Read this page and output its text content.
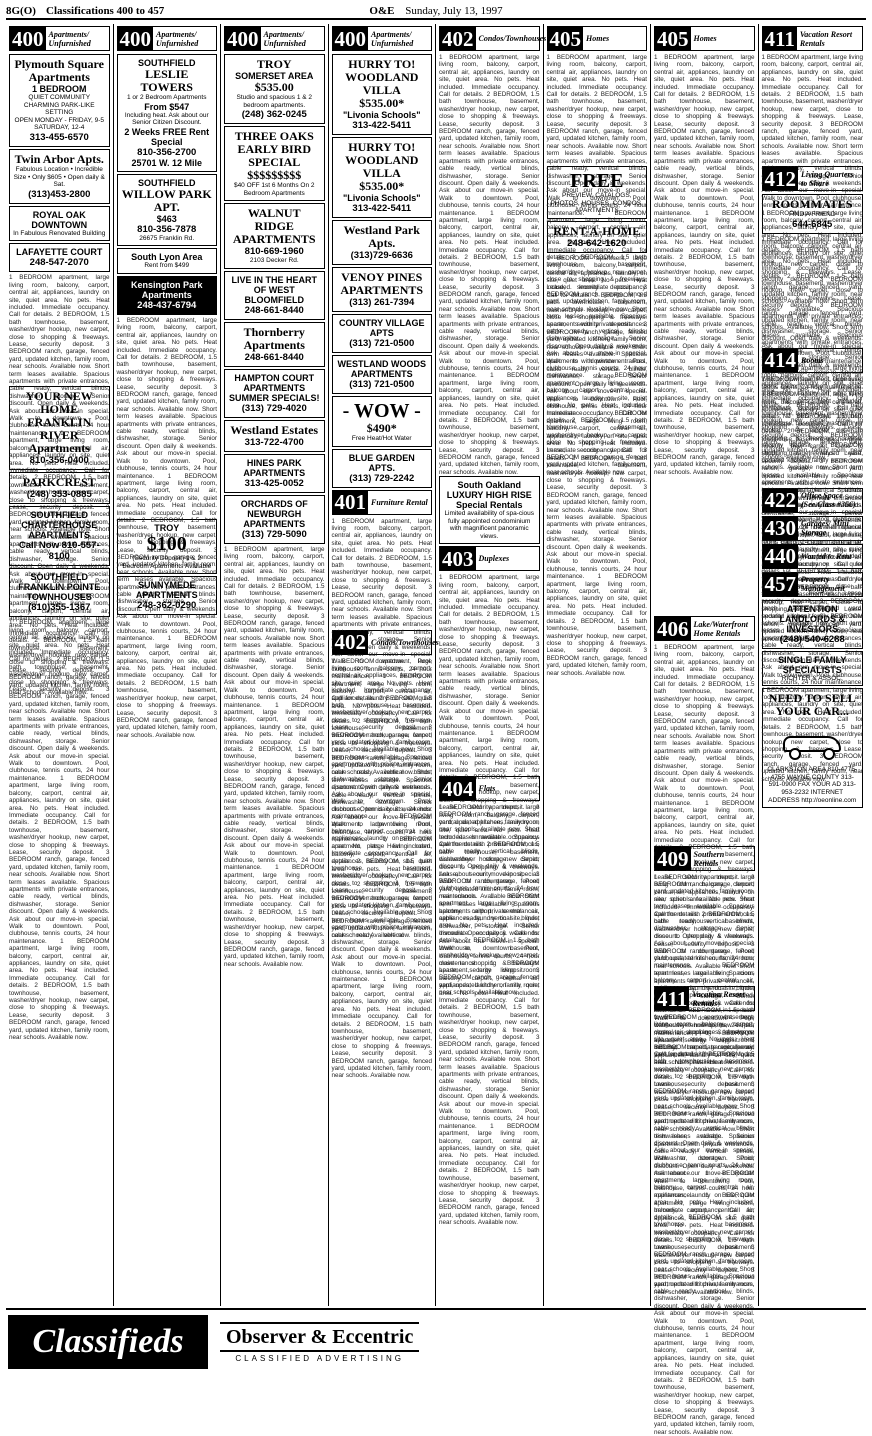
8G(O) Classifications 400 to 457	O&E Sunday, July 13, 1997
400 Apartments/ Unfurnished
Plymouth Square Apartments
1 BEDROOM
QUIET COMMUNITY CHARMING PARK-LIKE SETTING
OPEN MONDAY - FRIDAY, 9-5 SATURDAY, 12-4
313-455-6570
Twin Arbor Apts.
Fabulous Location • Incredible Size • Only $605 • Open daily & Sat.
(313)453-2800
ROYAL OAK DOWNTOWN
In Fabulous Renovated Building
LAFAYETTE COURT
248-547-2070
1 BEDROOM apartment, large living room, balcony, carport, central air, appliances, laundry on site, quiet area. No pets. Heat included. Immediate occupancy. Call for details. 2 BEDROOM, 1.5 bath townhouse, basement, washer/dryer hookup, new carpet, close to shopping & freeways. Lease, security deposit. 3 BEDROOM ranch, garage, fenced yard, updated kitchen, family room, near schools. Available now. Short term leases available. Spacious apartments with private entrances, cable ready, vertical blinds, dishwasher, storage. Senior discount. Open daily & weekends. Ask about our move-in special. Walk to downtown. Pool, clubhouse, tennis courts, 24 hour maintenance. 1 BEDROOM apartment, large living room, balcony, carport, central air, appliances, laundry on site, quiet area. No pets. Heat included. Immediate occupancy. Call for details. 2 BEDROOM, 1.5 bath townhouse, basement, washer/dryer hookup, new carpet, close to shopping & freeways. Lease, security deposit. 3 BEDROOM ranch, garage, fenced yard, updated kitchen, family room, near schools. Available now. Short term leases available. Spacious apartments with private entrances, cable ready, vertical blinds, dishwasher, storage. Senior discount. Open daily & weekends. Ask about our move-in special. Walk to downtown. Pool, clubhouse, tennis courts, 24 hour maintenance. 1 BEDROOM apartment, large living room, balcony, carport, central air, appliances, laundry on site, quiet area. No pets. Heat included. Immediate occupancy. Call for details. 2 BEDROOM, 1.5 bath townhouse, basement, washer/dryer hookup, new carpet, close to shopping & freeways. Lease, security deposit. 3 BEDROOM ranch, garage, fenced yard, updated kitchen, family room, near schools. Available now.
YOUR NEW HOME FRANKLIN RIVER Apartments
810-356-0400
PARKCREST
(248) 353-0885
SOUTHFIELD CHARTERHOUSE APARTMENTS
Call Now 810-557-8100
SOUTHFIELD FRANKLIN POINTE TOWNHOUSES
(810)355-1367
1 BEDROOM apartment, large living room, balcony, carport, central air, appliances, laundry on site, quiet area. No pets. Heat included. Immediate occupancy. Call for details. 2 BEDROOM, 1.5 bath townhouse, basement, washer/dryer hookup, new carpet, close to shopping & freeways. Lease, security deposit. 3 BEDROOM ranch, garage, fenced yard, updated kitchen, family room, near schools. Available now. Short term leases available. Spacious apartments with private entrances, cable ready, vertical blinds, dishwasher, storage. Senior discount. Open daily & weekends. Ask about our move-in special. Walk to downtown. Pool, clubhouse, tennis courts, 24 hour maintenance. 1 BEDROOM apartment, large living room, balcony, carport, central air, appliances, laundry on site, quiet area. No pets. Heat included. Immediate occupancy. Call for details. 2 BEDROOM, 1.5 bath townhouse, basement, washer/dryer hookup, new carpet, close to shopping & freeways. Lease, security deposit. 3 BEDROOM ranch, garage, fenced yard, updated kitchen, family room, near schools. Available now. Short term leases available. Spacious apartments with private entrances, cable ready, vertical blinds, dishwasher, storage. Senior discount. Open daily & weekends. Ask about our move-in special. Walk to downtown. Pool, clubhouse, tennis courts, 24 hour maintenance. 1 BEDROOM apartment, large living room, balcony, carport, central air, appliances, laundry on site, quiet area. No pets. Heat included. Immediate occupancy. Call for details. 2 BEDROOM, 1.5 bath townhouse, basement, washer/dryer hookup, new carpet, close to shopping & freeways. Lease, security deposit. 3 BEDROOM ranch, garage, fenced yard, updated kitchen, family room, near schools. Available now.
400 Apartments/ Unfurnished
SOUTHFIELD
LESLIE TOWERS
1 or 2 Bedroom Apartments
From $547
Including heat. Ask about our Senior Citizen Discount.
2 Weeks FREE Rent Special
810-356-2700
25701 W. 12 Mile
SOUTHFIELD
WILLOW PARK APT.
$463
810-356-7878
26675 Franklin Rd.
South Lyon Area
Rent from $499
Kensington Park Apartments
248-437-6794
1 BEDROOM apartment, large living room, balcony, carport, central air, appliances, laundry on site, quiet area. No pets. Heat included. Immediate occupancy. Call for details. 2 BEDROOM, 1.5 bath townhouse, basement, washer/dryer hookup, new carpet, close to shopping & freeways. Lease, security deposit. 3 BEDROOM ranch, garage, fenced yard, updated kitchen, family room, near schools. Available now. Short term leases available. Spacious apartments with private entrances, cable ready, vertical blinds, dishwasher, storage. Senior discount. Open daily & weekends. Ask about our move-in special. Walk to downtown. Pool, clubhouse, tennis courts, 24 hour maintenance. 1 BEDROOM apartment, large living room, balcony, carport, central air, appliances, laundry on site, quiet area. No pets. Heat included. Immediate occupancy. Call for details. 2 BEDROOM, 1.5 bath townhouse, basement, washer/dryer hookup, new carpet, close to shopping & freeways. Lease, security deposit. 3 BEDROOM ranch, garage, fenced yard, updated kitchen, family room, near schools. Available now. Short term leases available. Spacious apartments with private entrances, cable ready, vertical blinds, dishwasher, storage. Senior discount. Open daily & weekends. Ask about our move-in special. Walk to downtown. Pool, clubhouse, tennis courts, 24 hour maintenance. 1 BEDROOM apartment, large living room, balcony, carport, central air, appliances, laundry on site, quiet area. No pets. Heat included. Immediate occupancy. Call for details. 2 BEDROOM, 1.5 bath townhouse, basement, washer/dryer hookup, new carpet, close to shopping & freeways. Lease, security deposit. 3 BEDROOM ranch, garage, fenced yard, updated kitchen, family room, near schools. Available now.
TROY
$100
(Security Deposit) 1 & 2 Bedroom Apartments Available
SUNNYMEDE APARTMENTS
248-362-0290
400 Apartments/ Unfurnished
TROY
SOMERSET AREA
$535.00
Studio and spacious 1 & 2 bedroom apartments.
(248) 362-0245
THREE OAKS
EARLY BIRD SPECIAL
$$$$$$$$$
$40 OFF 1st 6 Months On 2 Bedroom Apartments
WALNUT RIDGE APARTMENTS
810-669-1960
2103 Decker Rd.
LIVE IN THE HEART OF WEST BLOOMFIELD
248-661-8440
Thornberry Apartments
248-661-8440
HAMPTON COURT APARTMENTS
SUMMER SPECIALS!
(313) 729-4020
Westland Estates
313-722-4700
HINES PARK APARTMENTS
313-425-0052
ORCHARDS OF NEWBURGH APARTMENTS
(313) 729-5090
1 BEDROOM apartment, large living room, balcony, carport, central air, appliances, laundry on site, quiet area. No pets. Heat included. Immediate occupancy. Call for details. 2 BEDROOM, 1.5 bath townhouse, basement, washer/dryer hookup, new carpet, close to shopping & freeways. Lease, security deposit. 3 BEDROOM ranch, garage, fenced yard, updated kitchen, family room, near schools. Available now. Short term leases available. Spacious apartments with private entrances, cable ready, vertical blinds, dishwasher, storage. Senior discount. Open daily & weekends. Ask about our move-in special. Walk to downtown. Pool, clubhouse, tennis courts, 24 hour maintenance. 1 BEDROOM apartment, large living room, balcony, carport, central air, appliances, laundry on site, quiet area. No pets. Heat included. Immediate occupancy. Call for details. 2 BEDROOM, 1.5 bath townhouse, basement, washer/dryer hookup, new carpet, close to shopping & freeways. Lease, security deposit. 3 BEDROOM ranch, garage, fenced yard, updated kitchen, family room, near schools. Available now. Short term leases available. Spacious apartments with private entrances, cable ready, vertical blinds, dishwasher, storage. Senior discount. Open daily & weekends. Ask about our move-in special. Walk to downtown. Pool, clubhouse, tennis courts, 24 hour maintenance. 1 BEDROOM apartment, large living room, balcony, carport, central air, appliances, laundry on site, quiet area. No pets. Heat included. Immediate occupancy. Call for details. 2 BEDROOM, 1.5 bath townhouse, basement, washer/dryer hookup, new carpet, close to shopping & freeways. Lease, security deposit. 3 BEDROOM ranch, garage, fenced yard, updated kitchen, family room, near schools. Available now.
400 Apartments/ Unfurnished
HURRY TO! WOODLAND VILLA
$535.00*
"Livonia Schools"
313-422-5411
HURRY TO! WOODLAND VILLA
$535.00*
"Livonia Schools"
313-422-5411
Westland Park Apts.
(313)729-6636
VENOY PINES APARTMENTS
(313) 261-7394
COUNTRY VILLAGE APTS
(313) 721-0500
WESTLAND WOODS APARTMENTS
(313) 721-0500
- WOW -
$490*
Free Heat/Hot Water
BLUE GARDEN APTS.
(313) 729-2242
401 Furniture Rental
1 BEDROOM apartment, large living room, balcony, carport, central air, appliances, laundry on site, quiet area. No pets. Heat included. Immediate occupancy. Call for details. 2 BEDROOM, 1.5 bath townhouse, basement, washer/dryer hookup, new carpet, close to shopping & freeways. Lease, security deposit. 3 BEDROOM ranch, garage, fenced yard, updated kitchen, family room, near schools. Available now. Short term leases available. Spacious apartments with private entrances, cable ready, vertical blinds, dishwasher, storage. Senior discount. Open daily & weekends. Ask about our move-in special. Walk to downtown. Pool, clubhouse, tennis courts, 24 hour maintenance. 1 BEDROOM apartment, large living room, balcony, carport, central air, appliances, laundry on site, quiet area. No pets. Heat included. Immediate occupancy. Call for details. 2 BEDROOM, 1.5 bath townhouse, basement, washer/dryer hookup, new carpet, close to shopping & freeways. Lease, security deposit. 3 BEDROOM ranch, garage, fenced yard, updated kitchen, family room, near schools. Available now. Short term leases available. Spacious apartments with private entrances, cable ready, vertical blinds, dishwasher, storage. Senior discount. Open daily & weekends. Ask about our move-in special. Walk to downtown. Pool, clubhouse, tennis courts, 24 hour maintenance. 1 BEDROOM apartment, large living room, balcony, carport, central air, appliances, laundry on site, quiet area. No pets. Heat included. Immediate occupancy. Call for details. 2 BEDROOM, 1.5 bath townhouse, basement, washer/dryer hookup, new carpet, close to shopping & freeways. Lease, security deposit. 3 BEDROOM ranch, garage, fenced yard, updated kitchen, family room, near schools. Available now.
402 Condos/Townhouses
1 BEDROOM apartment, large living room, balcony, carport, central air, appliances, laundry on site, quiet area. No pets. Heat included. Immediate occupancy. Call for details. 2 BEDROOM, 1.5 bath townhouse, basement, washer/dryer hookup, new carpet, close to shopping & freeways. Lease, security deposit. 3 BEDROOM ranch, garage, fenced yard, updated kitchen, family room, near schools. Available now. Short term leases available. Spacious apartments with private entrances, cable ready, vertical blinds, dishwasher, storage. Senior discount. Open daily & weekends. Ask about our move-in special. Walk to downtown. Pool, clubhouse, tennis courts, 24 hour maintenance. 1 BEDROOM apartment, large living room, balcony, carport, central air, appliances, laundry on site, quiet area. No pets. Heat included. Immediate occupancy. Call for details. 2 BEDROOM, 1.5 bath townhouse, basement, washer/dryer hookup, new carpet, close to shopping & freeways. Lease, security deposit. 3 BEDROOM ranch, garage, fenced yard, updated kitchen, family room, near schools. Available now. Short term leases available. Spacious apartments with private entrances, cable ready, vertical blinds, dishwasher, storage. Senior discount. Open daily & weekends. Ask about our move-in special. Walk to downtown. Pool, clubhouse, tennis courts, 24 hour maintenance. 1 BEDROOM apartment, large living room, balcony, carport, central air, appliances, laundry on site, quiet area. No pets. Heat included. Immediate occupancy. Call for details. 2 BEDROOM, 1.5 bath townhouse, basement, washer/dryer hookup, new carpet, close to shopping & freeways. Lease, security deposit. 3 BEDROOM ranch, garage, fenced yard, updated kitchen, family room, near schools. Available now.
402 Condos/Townhouses
1 BEDROOM apartment, large living room, balcony, carport, central air, appliances, laundry on site, quiet area. No pets. Heat included. Immediate occupancy. Call for details. 2 BEDROOM, 1.5 bath townhouse, basement, washer/dryer hookup, new carpet, close to shopping & freeways. Lease, security deposit. 3 BEDROOM ranch, garage, fenced yard, updated kitchen, family room, near schools. Available now. Short term leases available. Spacious apartments with private entrances, cable ready, vertical blinds, dishwasher, storage. Senior discount. Open daily & weekends. Ask about our move-in special. Walk to downtown. Pool, clubhouse, tennis courts, 24 hour maintenance. 1 BEDROOM apartment, large living room, balcony, carport, central air, appliances, laundry on site, quiet area. No pets. Heat included. Immediate occupancy. Call for details. 2 BEDROOM, 1.5 bath townhouse, basement, washer/dryer hookup, new carpet, close to shopping & freeways. Lease, security deposit. 3 BEDROOM ranch, garage, fenced yard, updated kitchen, family room, near schools. Available now. Short term leases available. Spacious apartments with private entrances, cable ready, vertical blinds, dishwasher, storage. Senior discount. Open daily & weekends. Ask about our move-in special. Walk to downtown. Pool, clubhouse, tennis courts, 24 hour maintenance. 1 BEDROOM apartment, large living room, balcony, carport, central air, appliances, laundry on site, quiet area. No pets. Heat included. Immediate occupancy. Call for details. 2 BEDROOM, 1.5 bath townhouse, basement, washer/dryer hookup, new carpet, close to shopping & freeways. Lease, security deposit. 3 BEDROOM ranch, garage, fenced yard, updated kitchen, family room, near schools. Available now.
South Oakland LUXURY HIGH RISE Special Rentals
Limited availability of spa-cious fully appointed condominium with magnificent panoramic views.
403 Duplexes
1 BEDROOM apartment, large living room, balcony, carport, central air, appliances, laundry on site, quiet area. No pets. Heat included. Immediate occupancy. Call for details. 2 BEDROOM, 1.5 bath townhouse, basement, washer/dryer hookup, new carpet, close to shopping & freeways. Lease, security deposit. 3 BEDROOM ranch, garage, fenced yard, updated kitchen, family room, near schools. Available now. Short term leases available. Spacious apartments with private entrances, cable ready, vertical blinds, dishwasher, storage. Senior discount. Open daily & weekends. Ask about our move-in special. Walk to downtown. Pool, clubhouse, tennis courts, 24 hour maintenance. 1 BEDROOM apartment, large living room, balcony, carport, central air, appliances, laundry on site, quiet area. No pets. Heat included. Immediate occupancy. Call for details. 2 BEDROOM, 1.5 bath townhouse, basement, washer/dryer hookup, new carpet, close to shopping & freeways. Lease, security deposit. 3 BEDROOM ranch, garage, fenced yard, updated kitchen, family room, near schools. Available now. Short term leases available. Spacious apartments with private entrances, cable ready, vertical blinds, dishwasher, storage. Senior discount. Open daily & weekends. Ask about our move-in special. Walk to downtown. Pool, clubhouse, tennis courts, 24 hour maintenance. 1 BEDROOM apartment, large living room, balcony, carport, central air, appliances, laundry on site, quiet area. No pets. Heat included. Immediate occupancy. Call for details. 2 BEDROOM, 1.5 bath townhouse, basement, washer/dryer hookup, new carpet, close to shopping & freeways. Lease, security deposit. 3 BEDROOM ranch, garage, fenced yard, updated kitchen, family room, near schools. Available now.
404 Flats
1 BEDROOM apartment, large living room, balcony, carport, central air, appliances, laundry on site, quiet area. No pets. Heat included. Immediate occupancy. Call for details. 2 BEDROOM, 1.5 bath townhouse, basement, washer/dryer hookup, new carpet, close to shopping & freeways. Lease, security deposit. 3 BEDROOM ranch, garage, fenced yard, updated kitchen, family room, near schools. Available now. Short term leases available. Spacious apartments with private entrances, cable ready, vertical blinds, dishwasher, storage. Senior discount. Open daily & weekends. Ask about our move-in special. Walk to downtown. Pool, clubhouse, tennis courts, 24 hour maintenance. 1 BEDROOM apartment, large living room, balcony, carport, central air, appliances, laundry on site, quiet area. No pets. Heat included. Immediate occupancy. Call for details. 2 BEDROOM, 1.5 bath townhouse, basement, washer/dryer hookup, new carpet, close to shopping & freeways. Lease, security deposit. 3 BEDROOM ranch, garage, fenced yard, updated kitchen, family room, near schools. Available now. Short term leases available. Spacious apartments with private entrances, cable ready, vertical blinds, dishwasher, storage. Senior discount. Open daily & weekends. Ask about our move-in special. Walk to downtown. Pool, clubhouse, tennis courts, 24 hour maintenance. 1 BEDROOM apartment, large living room, balcony, carport, central air, appliances, laundry on site, quiet area. No pets. Heat included. Immediate occupancy. Call for details. 2 BEDROOM, 1.5 bath townhouse, basement, washer/dryer hookup, new carpet, close to shopping & freeways. Lease, security deposit. 3 BEDROOM ranch, garage, fenced yard, updated kitchen, family room, near schools. Available now.
405 Homes
1 BEDROOM apartment, large living room, balcony, carport, central air, appliances, laundry on site, quiet area. No pets. Heat included. Immediate occupancy. Call for details. 2 BEDROOM, 1.5 bath townhouse, basement, washer/dryer hookup, new carpet, close to shopping & freeways. Lease, security deposit. 3 BEDROOM ranch, garage, fenced yard, updated kitchen, family room, near schools. Available now. Short term leases available. Spacious apartments with private entrances, cable ready, vertical blinds, dishwasher, storage. Senior discount. Open daily & weekends. Ask about our move-in special. Walk to downtown. Pool, clubhouse, tennis courts, 24 hour maintenance. 1 BEDROOM apartment, large living room, balcony, carport, central air, appliances, laundry on site, quiet area. No pets. Heat included. Immediate occupancy. Call for details. 2 BEDROOM, 1.5 bath townhouse, basement, washer/dryer hookup, new carpet, close to shopping & freeways. Lease, security deposit. 3 BEDROOM ranch, garage, fenced yard, updated kitchen, family room, near schools. Available now. Short term leases available. Spacious apartments with private entrances, cable ready, vertical blinds, dishwasher, storage. Senior discount. Open daily & weekends. Ask about our move-in special. Walk to downtown. Pool, clubhouse, tennis courts, 24 hour maintenance. 1 BEDROOM apartment, large living room, balcony, carport, central air, appliances, laundry on site, quiet area. No pets. Heat included. Immediate occupancy. Call for details. 2 BEDROOM, 1.5 bath townhouse, basement, washer/dryer hookup, new carpet, close to shopping & freeways. Lease, security deposit. 3 BEDROOM ranch, garage, fenced yard, updated kitchen, family room, near schools. Available now.
FREE
PREVIEW, CATALOGS, PHOTOS, HOUSES, CONDOS, APARTMENTS
RENT-A-HOME
248-642-1620
1 BEDROOM apartment, large living room, balcony, carport, central air, appliances, laundry on site, quiet area. No pets. Heat included. Immediate occupancy. Call for details. 2 BEDROOM, 1.5 bath townhouse, basement, washer/dryer hookup, new carpet, close to shopping & freeways. Lease, security deposit. 3 BEDROOM ranch, garage, fenced yard, updated kitchen, family room, near schools. Available now. Short term leases available. Spacious apartments with private entrances, cable ready, vertical blinds, dishwasher, storage. Senior discount. Open daily & weekends. Ask about our move-in special. Walk to downtown. Pool, clubhouse, tennis courts, 24 hour maintenance. 1 BEDROOM apartment, large living room, balcony, carport, central air, appliances, laundry on site, quiet area. No pets. Heat included. Immediate occupancy. Call for details. 2 BEDROOM, 1.5 bath townhouse, basement, washer/dryer hookup, new carpet, close to shopping & freeways. Lease, security deposit. 3 BEDROOM ranch, garage, fenced yard, updated kitchen, family room, near schools. Available now. Short term leases available. Spacious apartments with private entrances, cable ready, vertical blinds, dishwasher, storage. Senior discount. Open daily & weekends. Ask about our move-in special. Walk to downtown. Pool, clubhouse, tennis courts, 24 hour maintenance. 1 BEDROOM apartment, large living room, balcony, carport, central air, appliances, laundry on site, quiet area. No pets. Heat included. Immediate occupancy. Call for details. 2 BEDROOM, 1.5 bath townhouse, basement, washer/dryer hookup, new carpet, close to shopping & freeways. Lease, security deposit. 3 BEDROOM ranch, garage, fenced yard, updated kitchen, family room, near schools. Available now.
405 Homes
1 BEDROOM apartment, large living room, balcony, carport, central air, appliances, laundry on site, quiet area. No pets. Heat included. Immediate occupancy. Call for details. 2 BEDROOM, 1.5 bath townhouse, basement, washer/dryer hookup, new carpet, close to shopping & freeways. Lease, security deposit. 3 BEDROOM ranch, garage, fenced yard, updated kitchen, family room, near schools. Available now. Short term leases available. Spacious apartments with private entrances, cable ready, vertical blinds, dishwasher, storage. Senior discount. Open daily & weekends. Ask about our move-in special. Walk to downtown. Pool, clubhouse, tennis courts, 24 hour maintenance. 1 BEDROOM apartment, large living room, balcony, carport, central air, appliances, laundry on site, quiet area. No pets. Heat included. Immediate occupancy. Call for details. 2 BEDROOM, 1.5 bath townhouse, basement, washer/dryer hookup, new carpet, close to shopping & freeways. Lease, security deposit. 3 BEDROOM ranch, garage, fenced yard, updated kitchen, family room, near schools. Available now. Short term leases available. Spacious apartments with private entrances, cable ready, vertical blinds, dishwasher, storage. Senior discount. Open daily & weekends. Ask about our move-in special. Walk to downtown. Pool, clubhouse, tennis courts, 24 hour maintenance. 1 BEDROOM apartment, large living room, balcony, carport, central air, appliances, laundry on site, quiet area. No pets. Heat included. Immediate occupancy. Call for details. 2 BEDROOM, 1.5 bath townhouse, basement, washer/dryer hookup, new carpet, close to shopping & freeways. Lease, security deposit. 3 BEDROOM ranch, garage, fenced yard, updated kitchen, family room, near schools. Available now.
406 Lake/Waterfront Home Rentals
1 BEDROOM apartment, large living room, balcony, carport, central air, appliances, laundry on site, quiet area. No pets. Heat included. Immediate occupancy. Call for details. 2 BEDROOM, 1.5 bath townhouse, basement, washer/dryer hookup, new carpet, close to shopping & freeways. Lease, security deposit. 3 BEDROOM ranch, garage, fenced yard, updated kitchen, family room, near schools. Available now. Short term leases available. Spacious apartments with private entrances, cable ready, vertical blinds, dishwasher, storage. Senior discount. Open daily & weekends. Ask about our move-in special. Walk to downtown. Pool, clubhouse, tennis courts, 24 hour maintenance. 1 BEDROOM apartment, large living room, balcony, carport, central air, appliances, laundry on site, quiet area. No pets. Heat included. Immediate occupancy. Call for details. 2 BEDROOM, 1.5 bath townhouse, basement, washer/dryer hookup, new carpet, close to shopping & freeways. Lease, security deposit. 3 BEDROOM ranch, garage, fenced yard, updated kitchen, family room, near schools. Available now. Short term leases available. Spacious apartments with private entrances, cable ready, vertical blinds, dishwasher, storage. Senior discount. Open daily & weekends. Ask about our move-in special. Walk to downtown. Pool, clubhouse, tennis courts, 24 hour maintenance. 1 BEDROOM apartment, large living room, balcony, carport, central air, appliances, laundry on site, quiet area. No pets. Heat included. Immediate occupancy. Call for details. 2 BEDROOM, 1.5 bath townhouse, basement, washer/dryer hookup, new carpet, close to shopping & freeways. Lease, security deposit. 3 BEDROOM ranch, garage, fenced yard, updated kitchen, family room, near schools. Available now.
409 Southern Rentals
1 BEDROOM apartment, large living room, balcony, carport, central air, appliances, laundry on site, quiet area. No pets. Heat included. Immediate occupancy. Call for details. 2 BEDROOM, 1.5 bath townhouse, basement, washer/dryer hookup, new carpet, close to shopping & freeways. Lease, security deposit. 3 BEDROOM ranch, garage, fenced yard, updated kitchen, family room, near schools. Available now. Short term leases available. Spacious apartments with private entrances, cable ready, vertical blinds, dishwasher, storage. Senior discount. Open daily & weekends. Ask about our move-in special. Walk to downtown. Pool, clubhouse, tennis courts, 24 hour maintenance. 1 BEDROOM apartment, large living room, balcony, carport, central air, appliances, laundry on site, quiet area. No pets. Heat included. Immediate occupancy. Call for details. 2 BEDROOM, 1.5 bath townhouse, basement, washer/dryer hookup, new carpet, close to shopping & freeways. Lease, security deposit. 3 BEDROOM ranch, garage, fenced yard, updated kitchen, family room, near schools. Available now. Short term leases available. Spacious apartments with private entrances, cable ready, vertical blinds, dishwasher, storage. Senior discount. Open daily & weekends. Ask about our move-in special. Walk to downtown. Pool, clubhouse, tennis courts, 24 hour maintenance. 1 BEDROOM apartment, large living room, balcony, carport, central air, appliances, laundry on site, quiet area. No pets. Heat included. Immediate occupancy. Call for details. 2 BEDROOM, 1.5 bath townhouse, basement, washer/dryer hookup, new carpet, close to shopping & freeways. Lease, security deposit. 3 BEDROOM ranch, garage, fenced yard, updated kitchen, family room, near schools. Available now.
411 Vacation Resort Rentals
1 BEDROOM apartment, large living room, balcony, carport, central air, appliances, laundry on site, quiet area. No pets. Heat included. Immediate occupancy. Call for details. 2 BEDROOM, 1.5 bath townhouse, basement, washer/dryer hookup, new carpet, close to shopping & freeways. Lease, security deposit. 3 BEDROOM ranch, garage, fenced yard, updated kitchen, family room, near schools. Available now. Short term leases available. Spacious apartments with private entrances, cable ready, vertical blinds, dishwasher, storage. Senior discount. Open daily & weekends. Ask about our move-in special. Walk to downtown. Pool, clubhouse, tennis courts, 24 hour maintenance. 1 BEDROOM apartment, large living room, balcony, carport, central air, appliances, laundry on site, quiet area. No pets. Heat included. Immediate occupancy. Call for details. 2 BEDROOM, 1.5 bath townhouse, basement, washer/dryer hookup, new carpet, close to shopping & freeways. Lease, security deposit. 3 BEDROOM ranch, garage, fenced yard, updated kitchen, family room, near schools. Available now. Short term leases available. Spacious apartments with private entrances, cable ready, vertical blinds, dishwasher, storage. Senior discount. Open daily & weekends. Ask about our move-in special. Walk to downtown. Pool, clubhouse, tennis courts, 24 hour maintenance. 1 BEDROOM apartment, large living room, balcony, carport, central air, appliances, laundry on site, quiet area. No pets. Heat included. Immediate occupancy. Call for details. 2 BEDROOM, 1.5 bath townhouse, basement, washer/dryer hookup, new carpet, close to shopping & freeways. Lease, security deposit. 3 BEDROOM ranch, garage, fenced yard, updated kitchen, family room, near schools. Available now.
411 Vacation Resort Rentals
1 BEDROOM apartment, large living room, balcony, carport, central air, appliances, laundry on site, quiet area. No pets. Heat included. Immediate occupancy. Call for details. 2 BEDROOM, 1.5 bath townhouse, basement, washer/dryer hookup, new carpet, close to shopping & freeways. Lease, security deposit. 3 BEDROOM ranch, garage, fenced yard, updated kitchen, family room, near schools. Available now. Short term leases available. Spacious apartments with private entrances, cable ready, vertical blinds, dishwasher, storage. Senior discount. Open daily & weekends. Ask about our move-in special. Walk to downtown. Pool, clubhouse, tennis courts, 24 hour maintenance. 1 BEDROOM apartment, large living room, balcony, carport, central air, appliances, laundry on site, quiet area. No pets. Heat included. Immediate occupancy. Call for details. 2 BEDROOM, 1.5 bath townhouse, basement, washer/dryer hookup, new carpet, close to shopping & freeways. Lease, security deposit. 3 BEDROOM ranch, garage, fenced yard, updated kitchen, family room, near schools. Available now. Short term leases available. Spacious apartments with private entrances, cable ready, vertical blinds, dishwasher, storage. Senior discount. Open daily & weekends. Ask about our move-in special. Walk to downtown. Pool, clubhouse, tennis courts, 24 hour maintenance. 1 BEDROOM apartment, large living room, balcony, carport, central air, appliances, laundry on site, quiet area. No pets. Heat included. Immediate occupancy. Call for details. 2 BEDROOM, 1.5 bath townhouse, basement, washer/dryer hookup, new carpet, close to shopping & freeways. Lease, security deposit. 3 BEDROOM ranch, garage, fenced yard, updated kitchen, family room, near schools. Available now.
412 Living Quarters to Share
ROOMMATES
FIND A FRIEND
644-6845
1 BEDROOM apartment, large living room, balcony, carport, central air, appliances, laundry on site, quiet area. No pets. Heat included. Immediate occupancy. Call for details. 2 BEDROOM, 1.5 bath townhouse, basement, washer/dryer hookup, new carpet, close to shopping & freeways. Lease, security deposit. 3 BEDROOM ranch, garage, fenced yard, updated kitchen, family room, near schools. Available now. Short term leases available. Spacious apartments with private entrances, cable ready, vertical blinds, dishwasher, storage. Senior discount. Open daily & weekends. Ask about our move-in special. Walk to downtown. Pool, clubhouse, tennis courts, 24 hour maintenance. 1 BEDROOM apartment, large living room, balcony, carport, central air, appliances, laundry on site, quiet area. No pets. Heat included. Immediate occupancy. Call for details. 2 BEDROOM, 1.5 bath townhouse, basement, washer/dryer hookup, new carpet, close to shopping & freeways. Lease, security deposit. 3 BEDROOM ranch, garage, fenced yard, updated kitchen, family room, near schools. Available now. Short term leases available. Spacious apartments with private entrances, cable ready, vertical blinds, dishwasher, storage. Senior discount. Open daily & weekends. Ask about our move-in special. Walk to downtown. Pool, clubhouse, tennis courts, 24 hour maintenance. 1 BEDROOM apartment, large living room, balcony, carport, central air, appliances, laundry on site, quiet area. No pets. Heat included. Immediate occupancy. Call for details. 2 BEDROOM, 1.5 bath townhouse, basement, washer/dryer hookup, new carpet, close to shopping & freeways. Lease, security deposit. 3 BEDROOM ranch, garage, fenced yard, updated kitchen, family room, near schools. Available now.
414 Rooms
1 BEDROOM apartment, large living room, balcony, carport, central air, appliances, laundry on site, quiet area. No pets. Heat included. Immediate occupancy. Call for details. 2 BEDROOM, 1.5 bath townhouse, basement, washer/dryer hookup, new carpet, close to shopping & freeways. Lease, security deposit. 3 BEDROOM ranch, garage, fenced yard, updated kitchen, family room, near schools. Available now. Short term leases available. Spacious apartments with private entrances, cable ready, vertical blinds, dishwasher, storage. Senior discount. Open daily & weekends. Ask about our move-in special. Walk to downtown. Pool, clubhouse, tennis courts, 24 hour maintenance. 1 BEDROOM apartment, large living room, balcony, carport, central air, appliances, laundry on site, quiet area. No pets. Heat included. Immediate occupancy. Call for details. 2 BEDROOM, 1.5 bath townhouse, basement, washer/dryer hookup, new carpet, close to shopping & freeways. Lease, security deposit. 3 BEDROOM ranch, garage, fenced yard, updated kitchen, family room, near schools. Available now. Short term leases available. Spacious apartments with private entrances, cable ready, vertical blinds, dishwasher, storage. Senior discount. Open daily & weekends. Ask about our move-in special. Walk to downtown. Pool, clubhouse, tennis courts, 24 hour maintenance. 1 BEDROOM apartment, large living room, balcony, carport, central air, appliances, laundry on site, quiet area. No pets. Heat included. Immediate occupancy. Call for details. 2 BEDROOM, 1.5 bath townhouse, basement, washer/dryer hookup, new carpet, close to shopping & freeways. Lease, security deposit. 3 BEDROOM ranch, garage, fenced yard, updated kitchen, family room, near schools. Available now.
422 Office Space (See Class #356)
430 Garages/ Mini Storage
440 Wanted to Rent
457 Property Management
ATTENTION LANDLORDS & INVESTORS
(248) 540-6288
SINGLE FAMILY SPECIALISTS
RICHTER & ASSOC.
NEED TO SELL YOUR CAR...
CLARKSTON AREA 810-4775-4755 WAYNE COUNTY 313-591-0900 FAX YOUR AD 313-953-2232 INTERNET ADDRESS http://oeonline.com
Classifieds Work!
Observer & Eccentric
CLASSIFIED ADVERTISING
